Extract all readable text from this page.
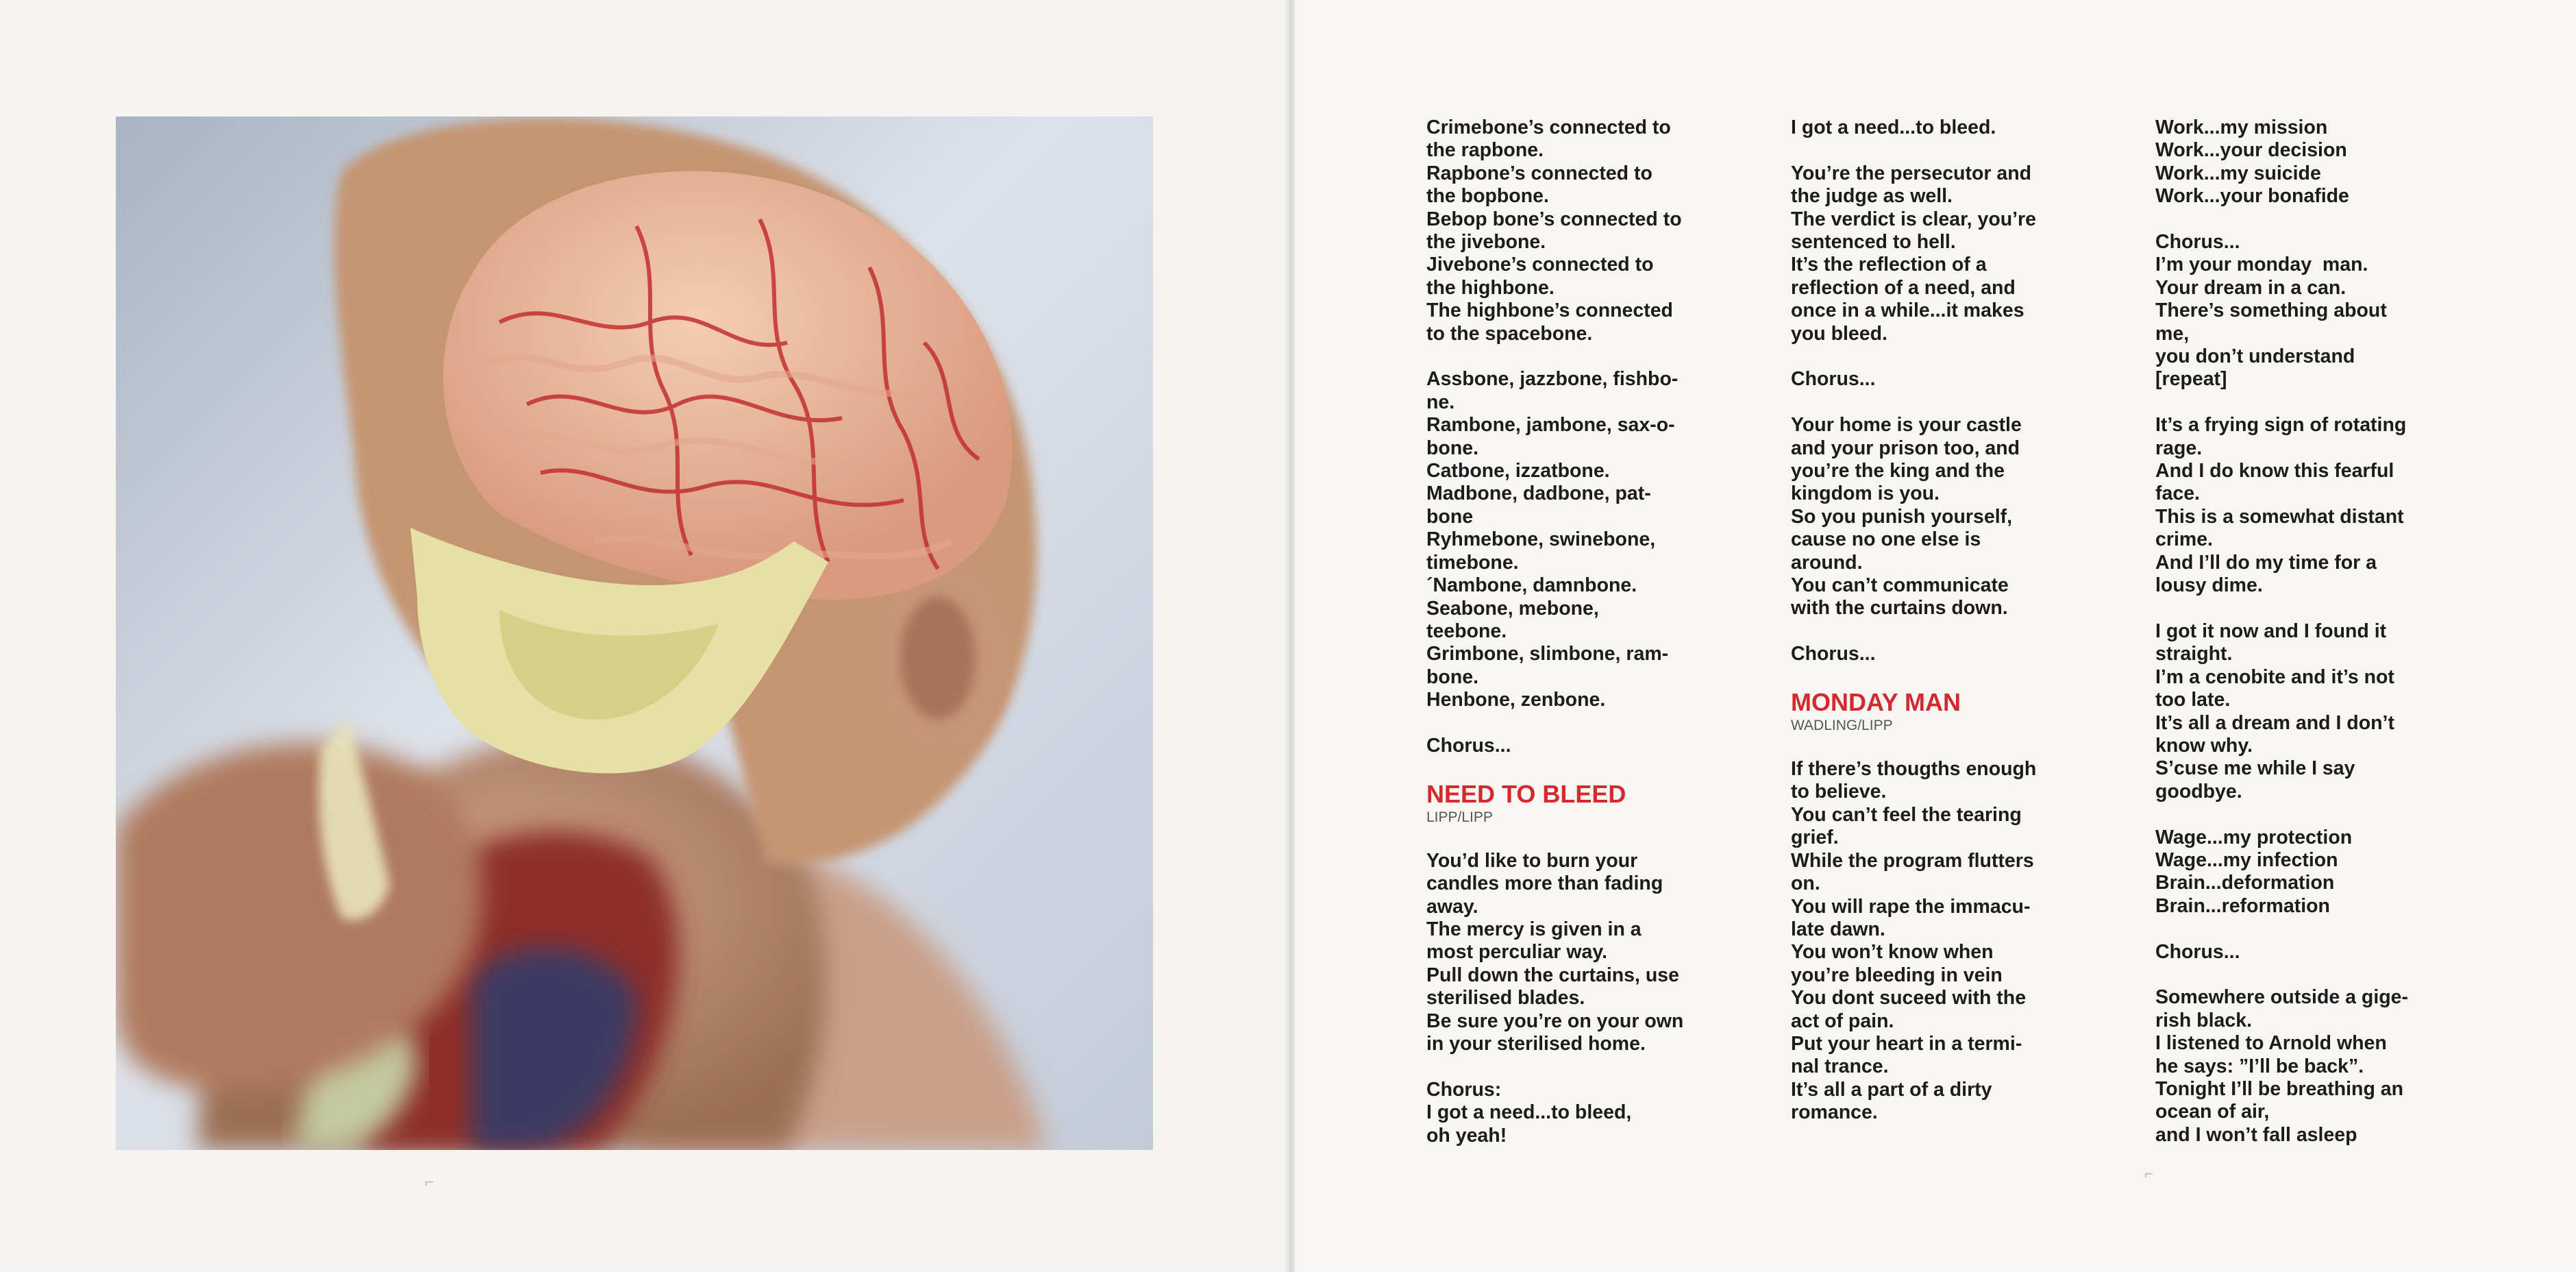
⌐

Crimebone’s connected to
the rapbone.
Rapbone’s connected to
the bopbone.
Bebop bone’s connected to
the jivebone.
Jivebone’s connected to
the highbone.
The highbone’s connected
to the spacebone.

Assbone, jazzbone, fishbo-
ne.
Rambone, jambone, sax-o-
bone.
Catbone, izzatbone.
Madbone, dadbone, pat-
bone
Ryhmebone, swinebone,
timebone.
´Nambone, damnbone.
Seabone, mebone,
teebone.
Grimbone, slimbone, ram-
bone.
Henbone, zenbone.

Chorus...

NEED TO BLEED
LIPP/LIPP

You’d like to burn your
candles more than fading
away.
The mercy is given in a
most perculiar way.
Pull down the curtains, use
sterilised blades.
Be sure you’re on your own
in your sterilised home.

Chorus:
I got a need...to bleed,
oh yeah!

I got a need...to bleed.

You’re the persecutor and
the judge as well.
The verdict is clear, you’re
sentenced to hell.
It’s the reflection of a
reflection of a need, and
once in a while...it makes
you bleed.

Chorus...

Your home is your castle
and your prison too, and
you’re the king and the
kingdom is you.
So you punish yourself,
cause no one else is
around.
You can’t communicate
with the curtains down.

Chorus...

MONDAY MAN
WADLING/LIPP

If there’s thougths enough
to believe.
You can’t feel the tearing
grief.
While the program flutters
on.
You will rape the immacu-
late dawn.
You won’t know when
you’re bleeding in vein
You dont suceed with the
act of pain.
Put your heart in a termi-
nal trance.
It’s all a part of a dirty
romance.

Work...my mission
Work...your decision
Work...my suicide
Work...your bonafide

Chorus...
I’m your monday  man.
Your dream in a can.
There’s something about
me,
you don’t understand
[repeat]

It’s a frying sign of rotating
rage.
And I do know this fearful
face.
This is a somewhat distant
crime.
And I’ll do my time for a
lousy dime.

I got it now and I found it
straight.
I’m a cenobite and it’s not
too late.
It’s all a dream and I don’t
know why.
S’cuse me while I say
goodbye.

Wage...my protection
Wage...my infection
Brain...deformation
Brain...reformation

Chorus...

Somewhere outside a gige-
rish black.
I listened to Arnold when
he says: ”I’ll be back”.
Tonight I’ll be breathing an
ocean of air,
and I won’t fall asleep

⌐
